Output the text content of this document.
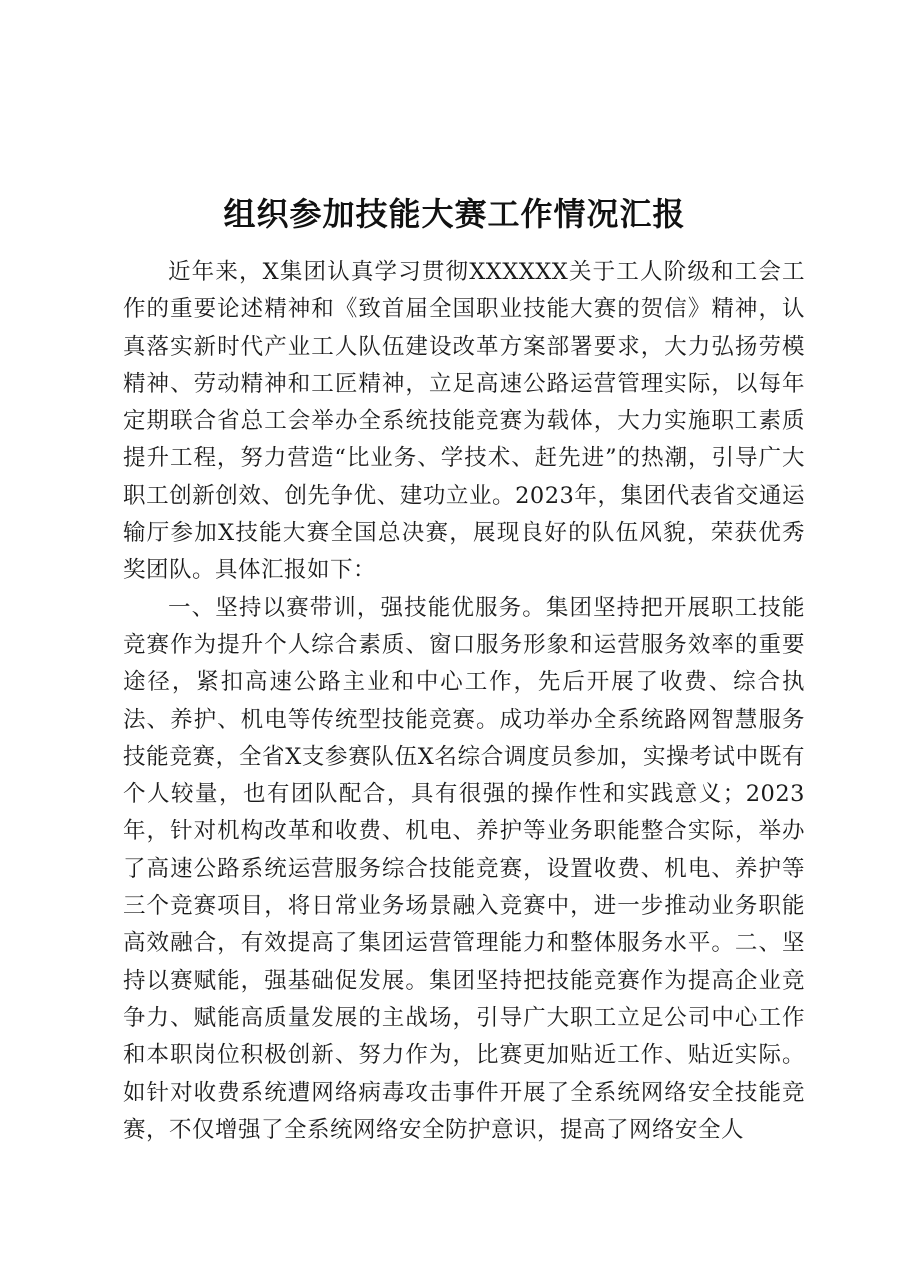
组织参加技能大赛工作情况汇报

近年来，X集团认真学习贯彻XXXXXX关于工人阶级和工会工作的重要论述精神和《致首届全国职业技能大赛的贺信》精神，认真落实新时代产业工人队伍建设改革方案部署要求，大力弘扬劳模精神、劳动精神和工匠精神，立足高速公路运营管理实际，以每年定期联合省总工会举办全系统技能竞赛为载体，大力实施职工素质提升工程，努力营造“比业务、学技术、赶先进”的热潮，引导广大职工创新创效、创先争优、建功立业。2023年，集团代表省交通运输厅参加X技能大赛全国总决赛，展现良好的队伍风貌，荣获优秀奖团队。具体汇报如下：

一、坚持以赛带训，强技能优服务。集团坚持把开展职工技能竞赛作为提升个人综合素质、窗口服务形象和运营服务效率的重要途径，紧扣高速公路主业和中心工作，先后开展了收费、综合执法、养护、机电等传统型技能竞赛。成功举办全系统路网智慧服务技能竞赛，全省X支参赛队伍X名综合调度员参加，实操考试中既有个人较量，也有团队配合，具有很强的操作性和实践意义；2023年，针对机构改革和收费、机电、养护等业务职能整合实际，举办了高速公路系统运营服务综合技能竞赛，设置收费、机电、养护等三个竞赛项目，将日常业务场景融入竞赛中，进一步推动业务职能高效融合，有效提高了集团运营管理能力和整体服务水平。二、坚持以赛赋能，强基础促发展。集团坚持把技能竞赛作为提高企业竞争力、赋能高质量发展的主战场，引导广大职工立足公司中心工作和本职岗位积极创新、努力作为，比赛更加贴近工作、贴近实际。如针对收费系统遭网络病毒攻击事件开展了全系统网络安全技能竞赛，不仅增强了全系统网络安全防护意识，提高了网络安全人
